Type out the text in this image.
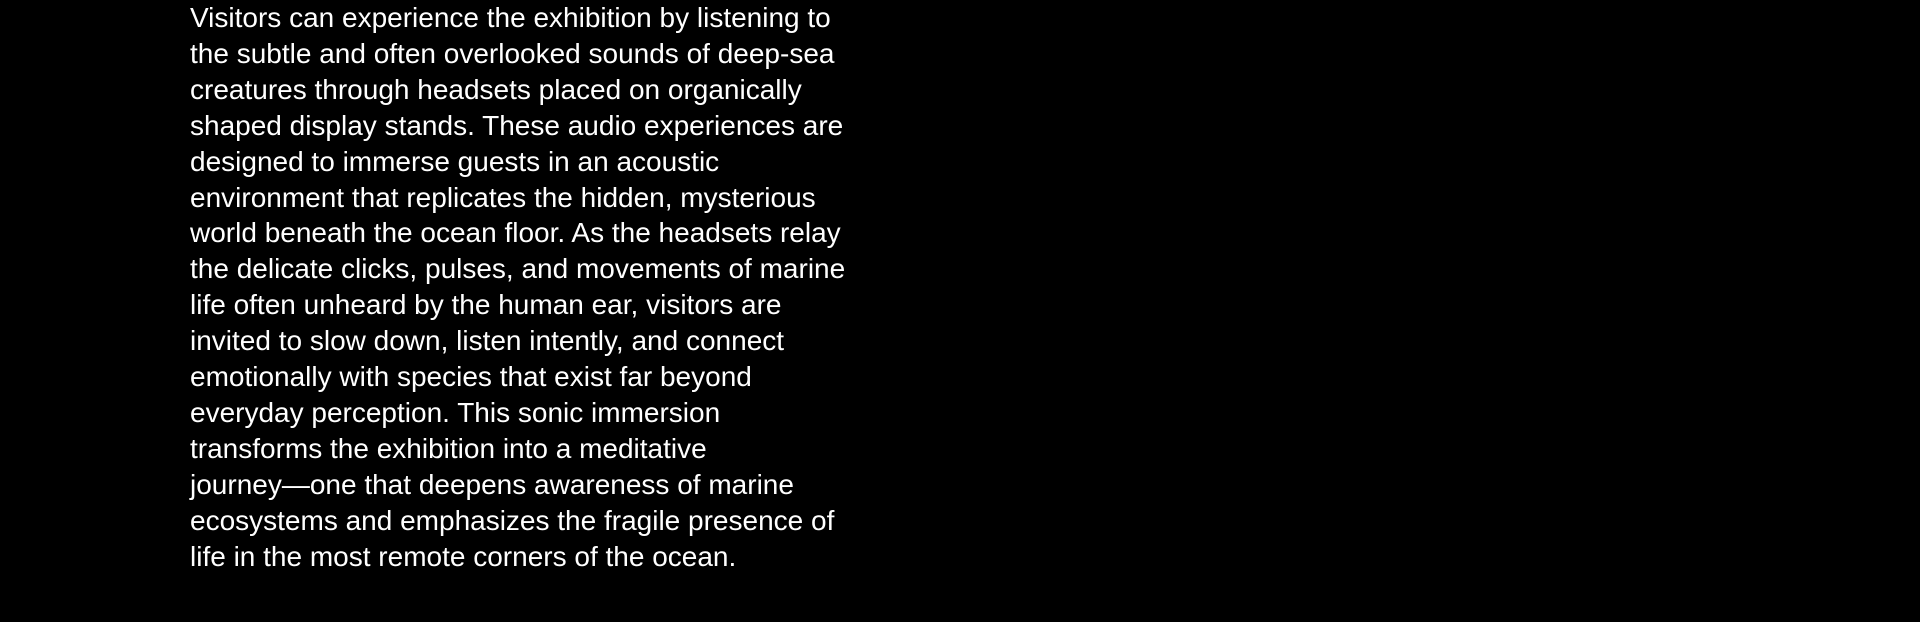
Visitors can experience the exhibition by listening to
the subtle and often overlooked sounds of deep-sea
creatures through headsets placed on organically
shaped display stands. These audio experiences are
designed to immerse guests in an acoustic
environment that replicates the hidden, mysterious
world beneath the ocean floor. As the headsets relay
the delicate clicks, pulses, and movements of marine
life often unheard by the human ear, visitors are
invited to slow down, listen intently, and connect
emotionally with species that exist far beyond
everyday perception. This sonic immersion
transforms the exhibition into a meditative
journey—one that deepens awareness of marine
ecosystems and emphasizes the fragile presence of
life in the most remote corners of the ocean.
